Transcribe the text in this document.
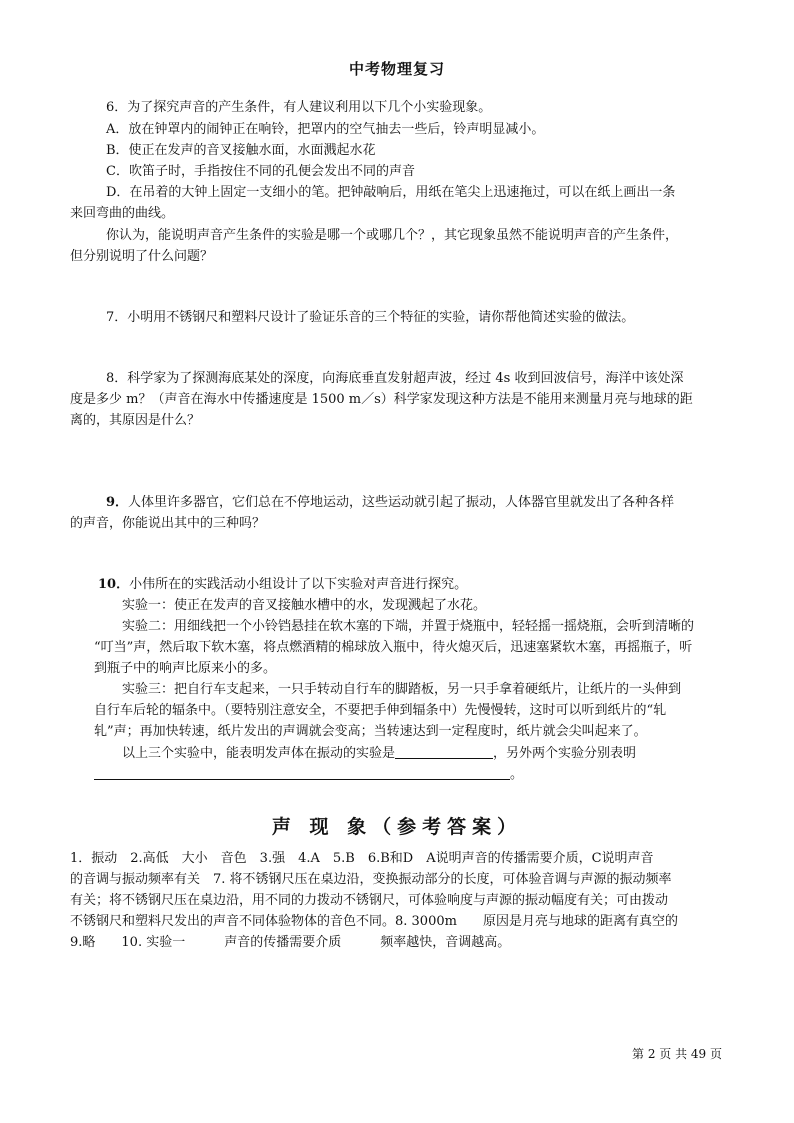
中考物理复习
6．为了探究声音的产生条件，有人建议利用以下几个小实验现象。
A．放在钟罩内的闹钟正在响铃，把罩内的空气抽去一些后，铃声明显减小。
B．使正在发声的音叉接触水面，水面溅起水花
C．吹笛子时，手指按住不同的孔便会发出不同的声音
D．在吊着的大钟上固定一支细小的笔。把钟敲响后，用纸在笔尖上迅速拖过，可以在纸上画出一条
来回弯曲的曲线。
你认为，能说明声音产生条件的实验是哪一个或哪几个？，其它现象虽然不能说明声音的产生条件，
但分别说明了什么问题？
7．小明用不锈钢尺和塑料尺设计了验证乐音的三个特征的实验，请你帮他简述实验的做法。
8．科学家为了探测海底某处的深度，向海底垂直发射超声波，经过 4s 收到回波信号，海洋中该处深
度是多少 m？（声音在海水中传播速度是 1500 m／s）科学家发现这种方法是不能用来测量月亮与地球的距
离的，其原因是什么？
9．人体里许多器官，它们总在不停地运动，这些运动就引起了振动，人体器官里就发出了各种各样
的声音，你能说出其中的三种吗？
10．小伟所在的实践活动小组设计了以下实验对声音进行探究。
实验一：使正在发声的音叉接触水槽中的水，发现溅起了水花。
实验二：用细线把一个小铃铛悬挂在软木塞的下端，并置于烧瓶中，轻轻摇一摇烧瓶，会听到清晰的
“叮当”声，然后取下软木塞，将点燃酒精的棉球放入瓶中，待火熄灭后，迅速塞紧软木塞，再摇瓶子，听
到瓶子中的响声比原来小的多。
实验三：把自行车支起来，一只手转动自行车的脚踏板，另一只手拿着硬纸片，让纸片的一头伸到
自行车后轮的辐条中。（要特别注意安全，不要把手伸到辐条中）先慢慢转，这时可以听到纸片的“轧
轧”声；再加快转速，纸片发出的声调就会变高；当转速达到一定程度时，纸片就会尖叫起来了。
以上三个实验中，能表明发声体在振动的实验是	，另外两个实验分别表明
。
声 现 象（参考答案）
1．振动　2.高低　大小　音色　3.强　4.A　5.B　6.B和D　A说明声音的传播需要介质，C说明声音
的音调与振动频率有关　7. 将不锈钢尺压在桌边沿，变换振动部分的长度，可体验音调与声源的振动频率
有关；将不锈钢尺压在桌边沿，用不同的力拨动不锈钢尺，可体验响度与声源的振动幅度有关；可由拨动
不锈钢尺和塑料尺发出的声音不同体验物体的音色不同。8. 3000m　　原因是月亮与地球的距离有真空的
9.略　　10. 实验一　　　声音的传播需要介质　　　频率越快，音调越高。
第 2 页 共 49 页
